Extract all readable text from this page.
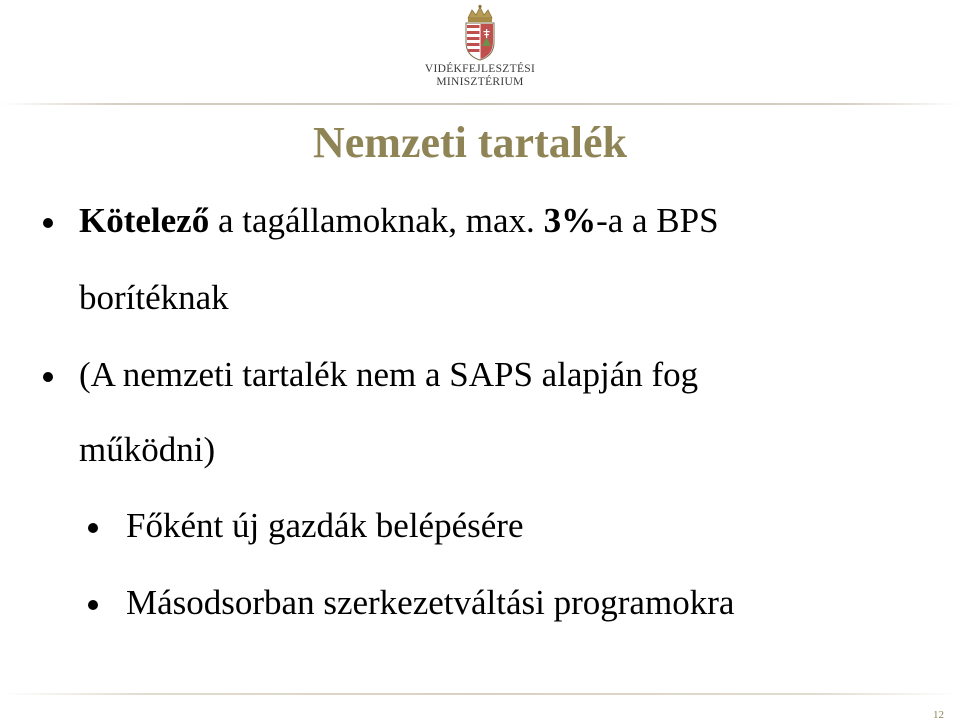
VIDÉKFEJLESZTÉSI
MINISZTÉRIUM
Nemzeti tartalék
Kötelező a tagállamoknak, max. 3%-a a BPS
borítéknak
(A nemzeti tartalék nem a SAPS alapján fog
működni)
Főként új gazdák belépésére
Másodsorban szerkezetváltási programokra
12
